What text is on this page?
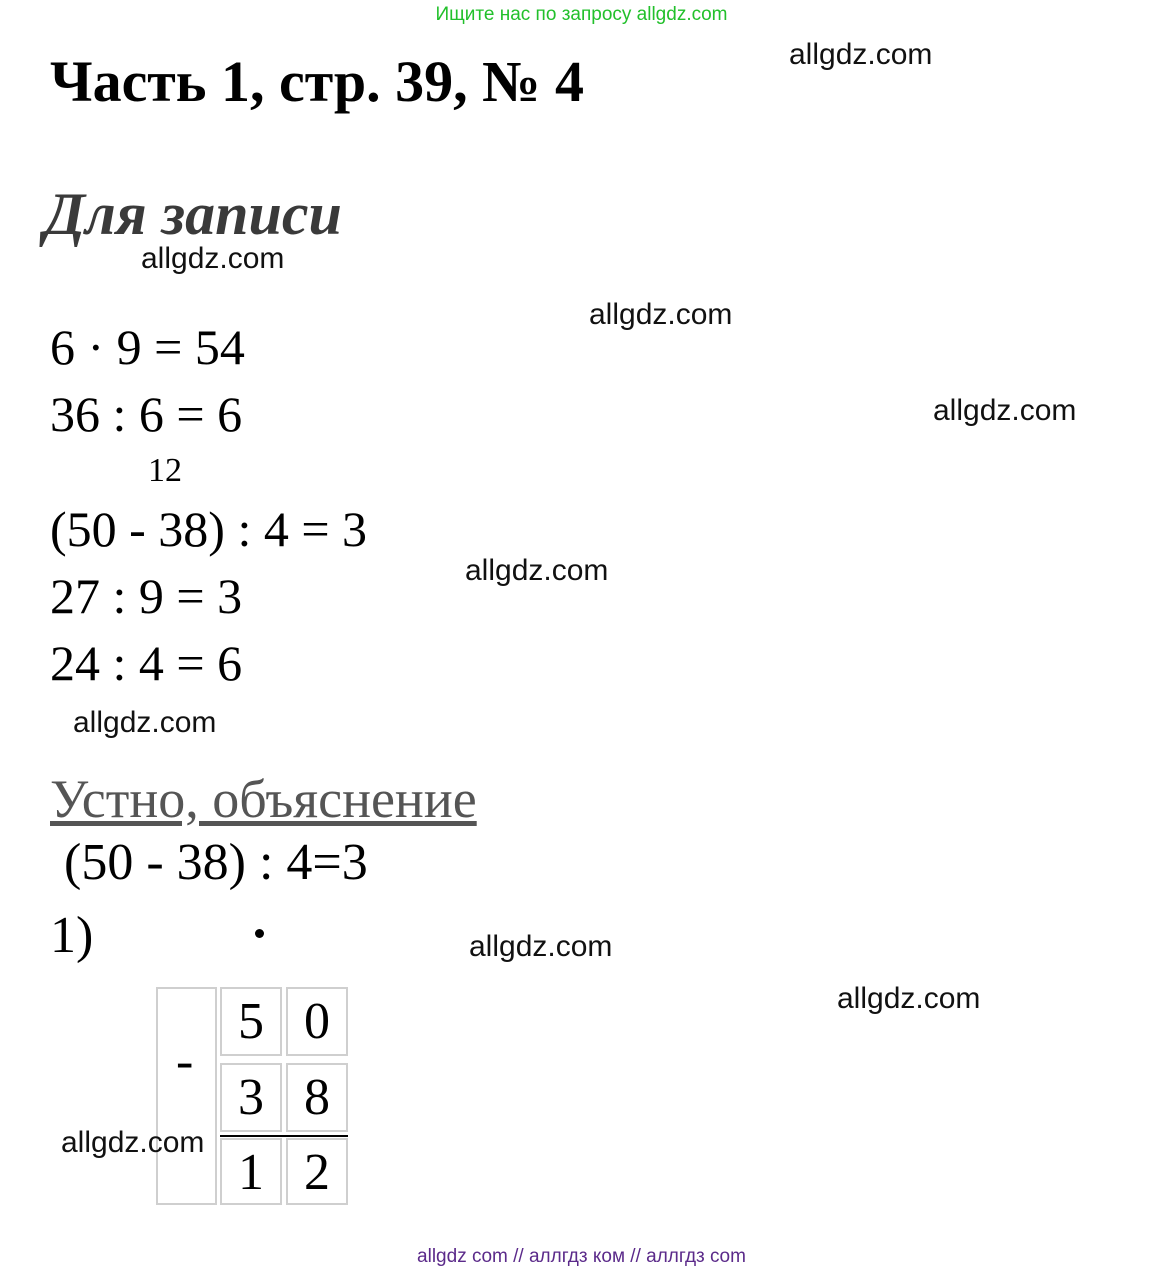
Ищите нас по запросу allgdz.com
Часть 1, стр. 39, № 4
Для записи
6 · 9 = 54
36 : 6 = 6
12
(50 - 38) : 4 = 3
27 : 9 = 3
24 : 4 = 6
Устно, объяснение
(50 - 38) : 4=3
1)
-
5 0
3 8
1 2
allgdz.com
allgdz.com
allgdz.com
allgdz.com
allgdz.com
allgdz.com
allgdz.com
allgdz.com
allgdz.com
allgdz com // аллгдз ком // аллгдз com
